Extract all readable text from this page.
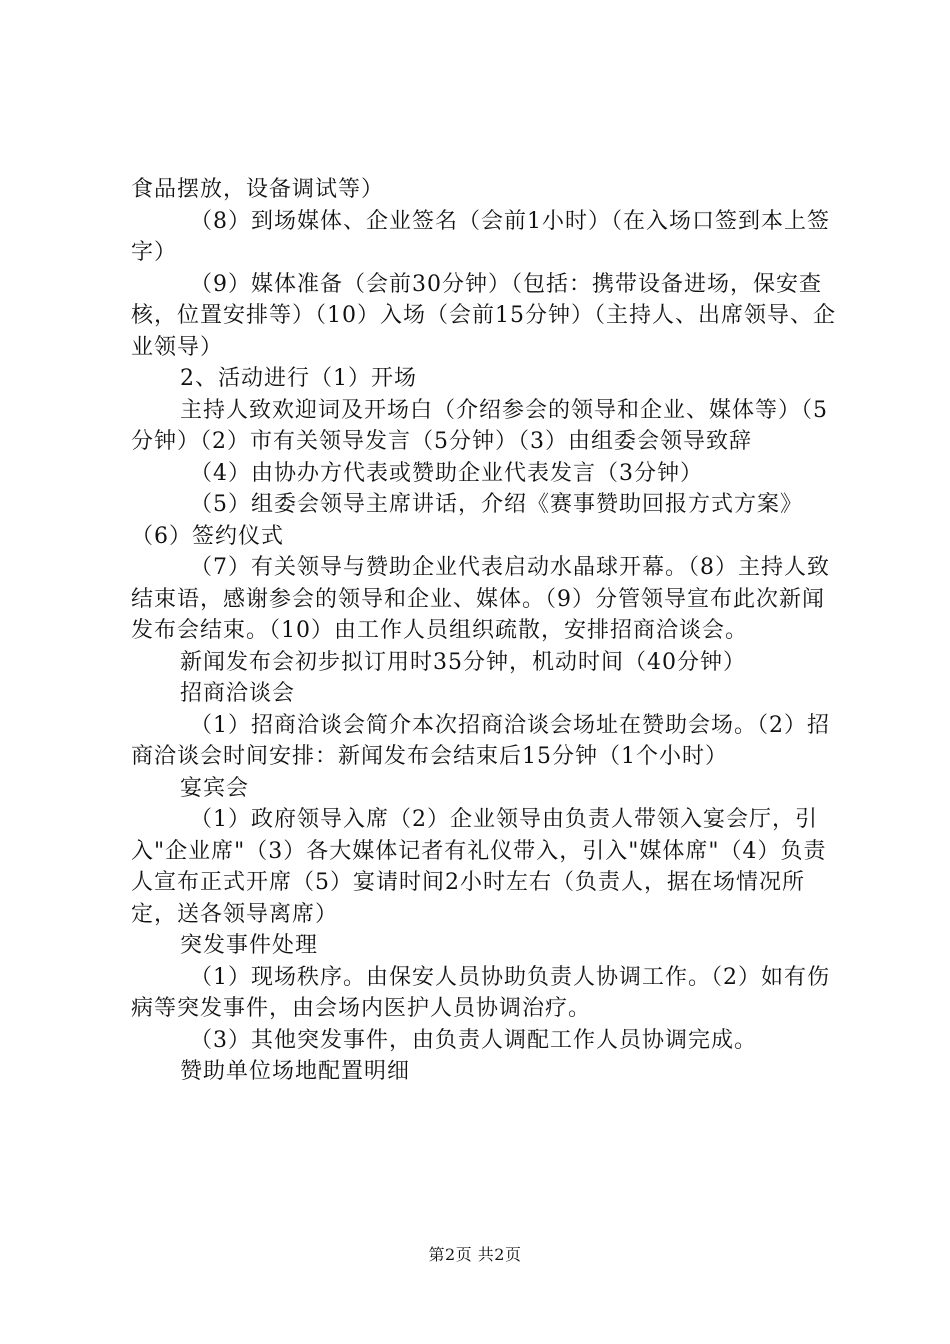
食品摆放，设备调试等）

（8）到场媒体、企业签名（会前1小时）（在入场口签到本上签字）

（9）媒体准备（会前30分钟）（包括：携带设备进场，保安查核，位置安排等）（10）入场（会前15分钟）（主持人、出席领导、企业领导）

2、活动进行（1）开场

主持人致欢迎词及开场白（介绍参会的领导和企业、媒体等）（5分钟）（2）市有关领导发言（5分钟）（3）由组委会领导致辞

（4）由协办方代表或赞助企业代表发言（3分钟）

（5）组委会领导主席讲话，介绍《赛事赞助回报方式方案》（6）签约仪式

（7）有关领导与赞助企业代表启动水晶球开幕。（8）主持人致结束语，感谢参会的领导和企业、媒体。（9）分管领导宣布此次新闻发布会结束。（10）由工作人员组织疏散，安排招商洽谈会。

新闻发布会初步拟订用时35分钟，机动时间（40分钟）

招商洽谈会

（1）招商洽谈会简介本次招商洽谈会场址在赞助会场。（2）招商洽谈会时间安排：新闻发布会结束后15分钟（1个小时）

宴宾会

（1）政府领导入席（2）企业领导由负责人带领入宴会厅，引入"企业席"（3）各大媒体记者有礼仪带入，引入"媒体席"（4）负责人宣布正式开席（5）宴请时间2小时左右（负责人，据在场情况所定，送各领导离席）

突发事件处理

（1）现场秩序。由保安人员协助负责人协调工作。（2）如有伤病等突发事件，由会场内医护人员协调治疗。

（3）其他突发事件，由负责人调配工作人员协调完成。

赞助单位场地配置明细

第2页 共2页
